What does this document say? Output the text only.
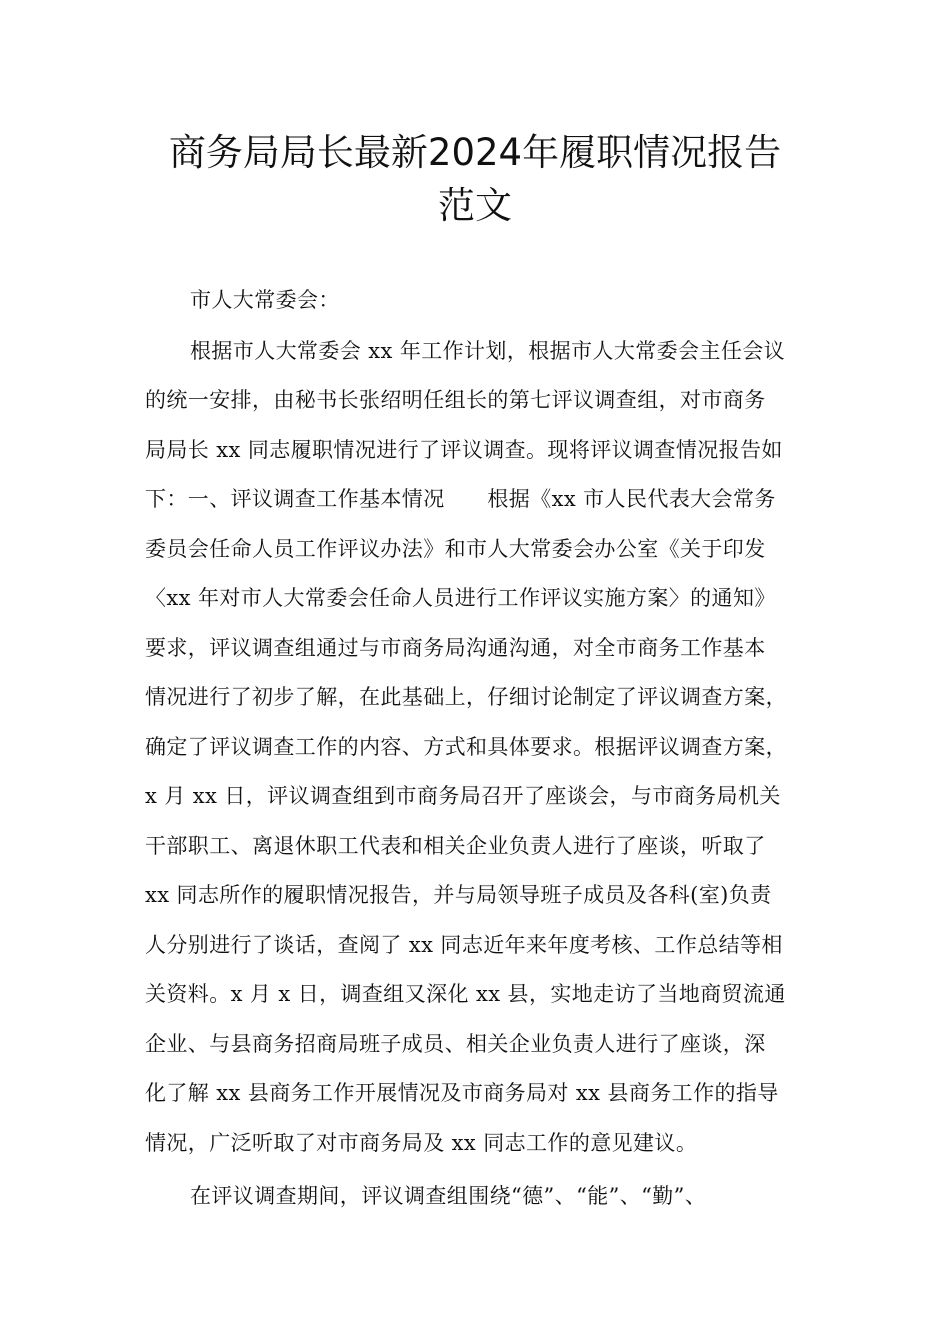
商务局局长最新2024年履职情况报告
范文
市人大常委会：
根据市人大常委会 xx 年工作计划，根据市人大常委会主任会议
的统一安排，由秘书长张绍明任组长的第七评议调查组，对市商务
局局长 xx 同志履职情况进行了评议调查。现将评议调查情况报告如
下：一、评议调查工作基本情况　　根据《xx 市人民代表大会常务
委员会任命人员工作评议办法》和市人大常委会办公室《关于印发
〈xx 年对市人大常委会任命人员进行工作评议实施方案〉的通知》
要求，评议调查组通过与市商务局沟通沟通，对全市商务工作基本
情况进行了初步了解，在此基础上，仔细讨论制定了评议调查方案，
确定了评议调查工作的内容、方式和具体要求。根据评议调查方案，
x 月 xx 日，评议调查组到市商务局召开了座谈会，与市商务局机关
干部职工、离退休职工代表和相关企业负责人进行了座谈，听取了
xx 同志所作的履职情况报告，并与局领导班子成员及各科(室)负责
人分别进行了谈话，查阅了 xx 同志近年来年度考核、工作总结等相
关资料。x 月 x 日，调查组又深化 xx 县，实地走访了当地商贸流通
企业、与县商务招商局班子成员、相关企业负责人进行了座谈，深
化了解 xx 县商务工作开展情况及市商务局对 xx 县商务工作的指导
情况，广泛听取了对市商务局及 xx 同志工作的意见建议。
在评议调查期间，评议调查组围绕“德”、“能”、“勤”、
